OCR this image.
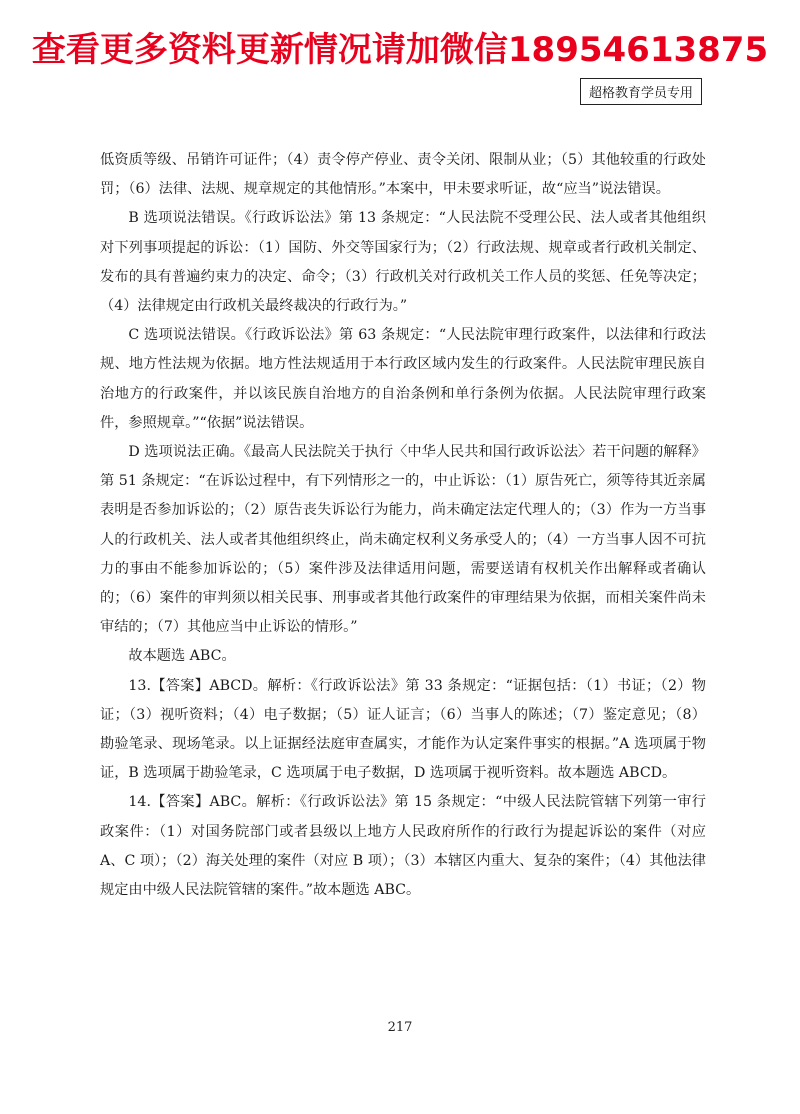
查看更多资料更新情况请加微信18954613875
超格教育学员专用

低资质等级、吊销许可证件；（4）责令停产停业、责令关闭、限制从业；（5）其他较重的行政处罚；（6）法律、法规、规章规定的其他情形。”本案中，甲未要求听证，故“应当”说法错误。

B 选项说法错误。《行政诉讼法》第 13 条规定：“人民法院不受理公民、法人或者其他组织对下列事项提起的诉讼：（1）国防、外交等国家行为；（2）行政法规、规章或者行政机关制定、发布的具有普遍约束力的决定、命令；（3）行政机关对行政机关工作人员的奖惩、任免等决定；（4）法律规定由行政机关最终裁决的行政行为。”

C 选项说法错误。《行政诉讼法》第 63 条规定：“人民法院审理行政案件，以法律和行政法规、地方性法规为依据。地方性法规适用于本行政区域内发生的行政案件。人民法院审理民族自治地方的行政案件，并以该民族自治地方的自治条例和单行条例为依据。人民法院审理行政案件，参照规章。”“依据”说法错误。

D 选项说法正确。《最高人民法院关于执行〈中华人民共和国行政诉讼法〉若干问题的解释》第 51 条规定：“在诉讼过程中，有下列情形之一的，中止诉讼：（1）原告死亡，须等待其近亲属表明是否参加诉讼的；（2）原告丧失诉讼行为能力，尚未确定法定代理人的；（3）作为一方当事人的行政机关、法人或者其他组织终止，尚未确定权利义务承受人的；（4）一方当事人因不可抗力的事由不能参加诉讼的；（5）案件涉及法律适用问题，需要送请有权机关作出解释或者确认的；（6）案件的审判须以相关民事、刑事或者其他行政案件的审理结果为依据，而相关案件尚未审结的；（7）其他应当中止诉讼的情形。”

故本题选 ABC。

13.【答案】ABCD。解析：《行政诉讼法》第 33 条规定：“证据包括：（1）书证；（2）物证；（3）视听资料；（4）电子数据；（5）证人证言；（6）当事人的陈述；（7）鉴定意见；（8）勘验笔录、现场笔录。以上证据经法庭审查属实，才能作为认定案件事实的根据。”A 选项属于物证，B 选项属于勘验笔录，C 选项属于电子数据，D 选项属于视听资料。故本题选 ABCD。

14.【答案】ABC。解析：《行政诉讼法》第 15 条规定：“中级人民法院管辖下列第一审行政案件：（1）对国务院部门或者县级以上地方人民政府所作的行政行为提起诉讼的案件（对应 A、C 项）；（2）海关处理的案件（对应 B 项）；（3）本辖区内重大、复杂的案件；（4）其他法律规定由中级人民法院管辖的案件。”故本题选 ABC。

217
